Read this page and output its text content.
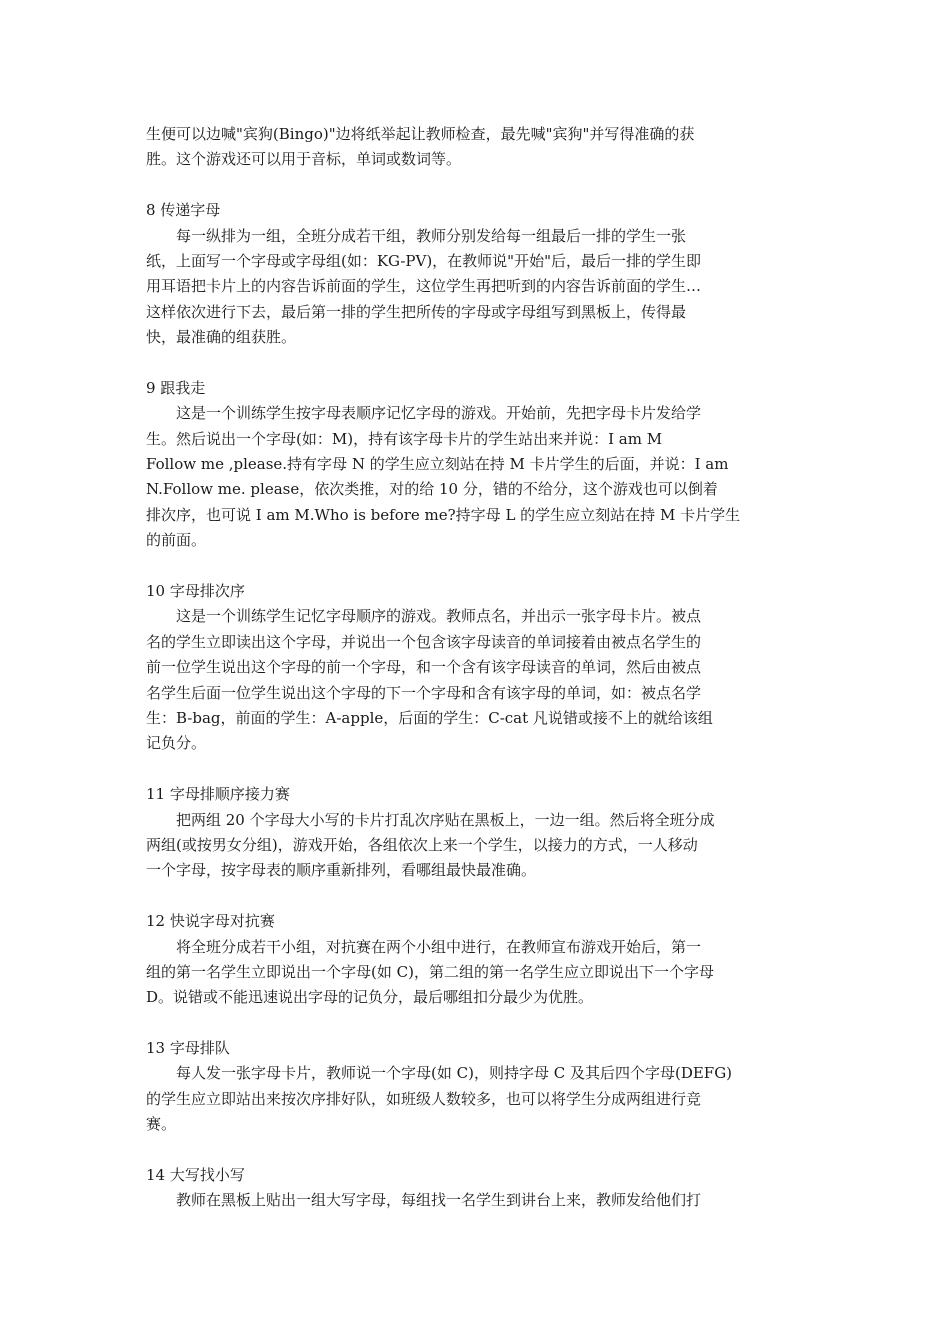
生便可以边喊"宾狗(Bingo)"边将纸举起让教师检查，最先喊"宾狗"并写得准确的获
胜。这个游戏还可以用于音标，单词或数词等。
8 传递字母
　　每一纵排为一组，全班分成若干组，教师分别发给每一组最后一排的学生一张
纸，上面写一个字母或字母组(如：KG-PV)，在教师说"开始"后，最后一排的学生即
用耳语把卡片上的内容告诉前面的学生，这位学生再把听到的内容告诉前面的学生…
这样依次进行下去，最后第一排的学生把所传的字母或字母组写到黑板上，传得最
快，最准确的组获胜。
9 跟我走
　　这是一个训练学生按字母表顺序记忆字母的游戏。开始前，先把字母卡片发给学
生。然后说出一个字母(如：M)，持有该字母卡片的学生站出来并说：I am M
Follow me ,please.持有字母 N 的学生应立刻站在持 M 卡片学生的后面，并说：I am
N.Follow me. please，依次类推，对的给 10 分，错的不给分，这个游戏也可以倒着
排次序，也可说 I am M.Who is before me?持字母 L 的学生应立刻站在持 M 卡片学生
的前面。
10 字母排次序
　　这是一个训练学生记忆字母顺序的游戏。教师点名，并出示一张字母卡片。被点
名的学生立即读出这个字母，并说出一个包含该字母读音的单词接着由被点名学生的
前一位学生说出这个字母的前一个字母，和一个含有该字母读音的单词，然后由被点
名学生后面一位学生说出这个字母的下一个字母和含有该字母的单词，如：被点名学
生：B-bag，前面的学生：A-apple，后面的学生：C-cat 凡说错或接不上的就给该组
记负分。
11 字母排顺序接力赛
　　把两组 20 个字母大小写的卡片打乱次序贴在黑板上，一边一组。然后将全班分成
两组(或按男女分组)，游戏开始，各组依次上来一个学生，以接力的方式，一人移动
一个字母，按字母表的顺序重新排列，看哪组最快最准确。
12 快说字母对抗赛
　　将全班分成若干小组，对抗赛在两个小组中进行，在教师宣布游戏开始后，第一
组的第一名学生立即说出一个字母(如 C)，第二组的第一名学生应立即说出下一个字母
D。说错或不能迅速说出字母的记负分，最后哪组扣分最少为优胜。
13 字母排队
　　每人发一张字母卡片，教师说一个字母(如 C)，则持字母 C 及其后四个字母(DEFG)
的学生应立即站出来按次序排好队，如班级人数较多，也可以将学生分成两组进行竞
赛。
14 大写找小写
　　教师在黑板上贴出一组大写字母，每组找一名学生到讲台上来，教师发给他们打
